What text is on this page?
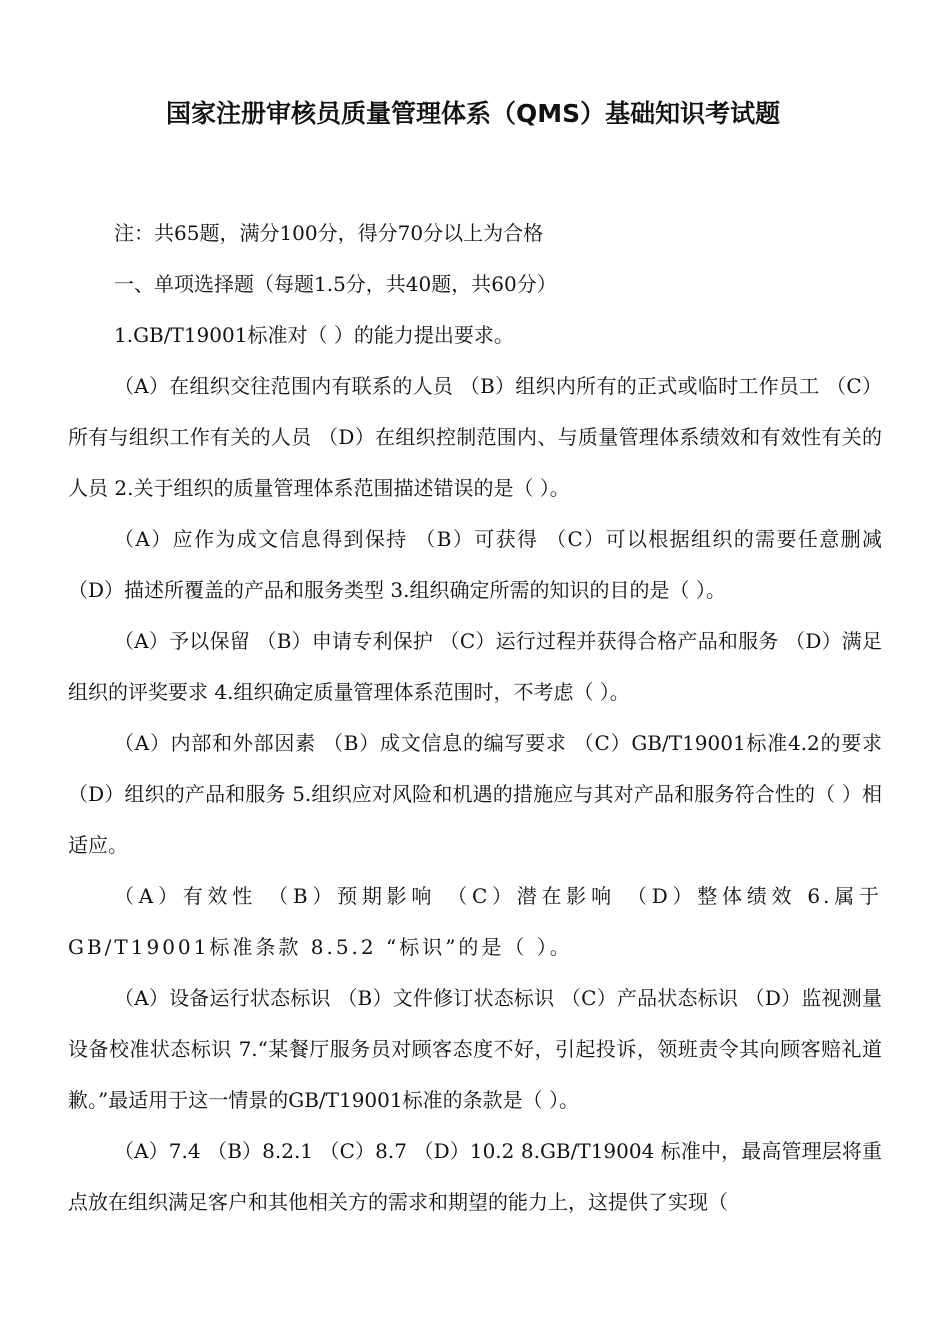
国家注册审核员质量管理体系（QMS）基础知识考试题

注：共65题，满分100分，得分70分以上为合格

一、单项选择题（每题1.5分，共40题，共60分）

1.GB/T19001标准对（ ）的能力提出要求。

（A）在组织交往范围内有联系的人员 （B）组织内所有的正式或临时工作员工 （C）所有与组织工作有关的人员 （D）在组织控制范围内、与质量管理体系绩效和有效性有关的人员 2.关于组织的质量管理体系范围描述错误的是（ ）。

（A）应作为成文信息得到保持 （B）可获得 （C）可以根据组织的需要任意删减 （D）描述所覆盖的产品和服务类型 3.组织确定所需的知识的目的是（ ）。

（A）予以保留 （B）申请专利保护 （C）运行过程并获得合格产品和服务 （D）满足组织的评奖要求 4.组织确定质量管理体系范围时，不考虑（ ）。

（A）内部和外部因素 （B）成文信息的编写要求 （C）GB/T19001标准4.2的要求 （D）组织的产品和服务 5.组织应对风险和机遇的措施应与其对产品和服务符合性的（ ）相适应。

（A）有效性 （B）预期影响 （C）潜在影响 （D）整体绩效 6.属于GB/T19001标准条款 8.5.2 “标识”的是（ ）。

（A）设备运行状态标识 （B）文件修订状态标识 （C）产品状态标识 （D）监视测量设备校准状态标识 7.“某餐厅服务员对顾客态度不好，引起投诉，领班责令其向顾客赔礼道歉。”最适用于这一情景的GB/T19001标准的条款是（ ）。

（A）7.4 （B）8.2.1 （C）8.7 （D）10.2 8.GB/T19004 标准中，最高管理层将重点放在组织满足客户和其他相关方的需求和期望的能力上，这提供了实现（
